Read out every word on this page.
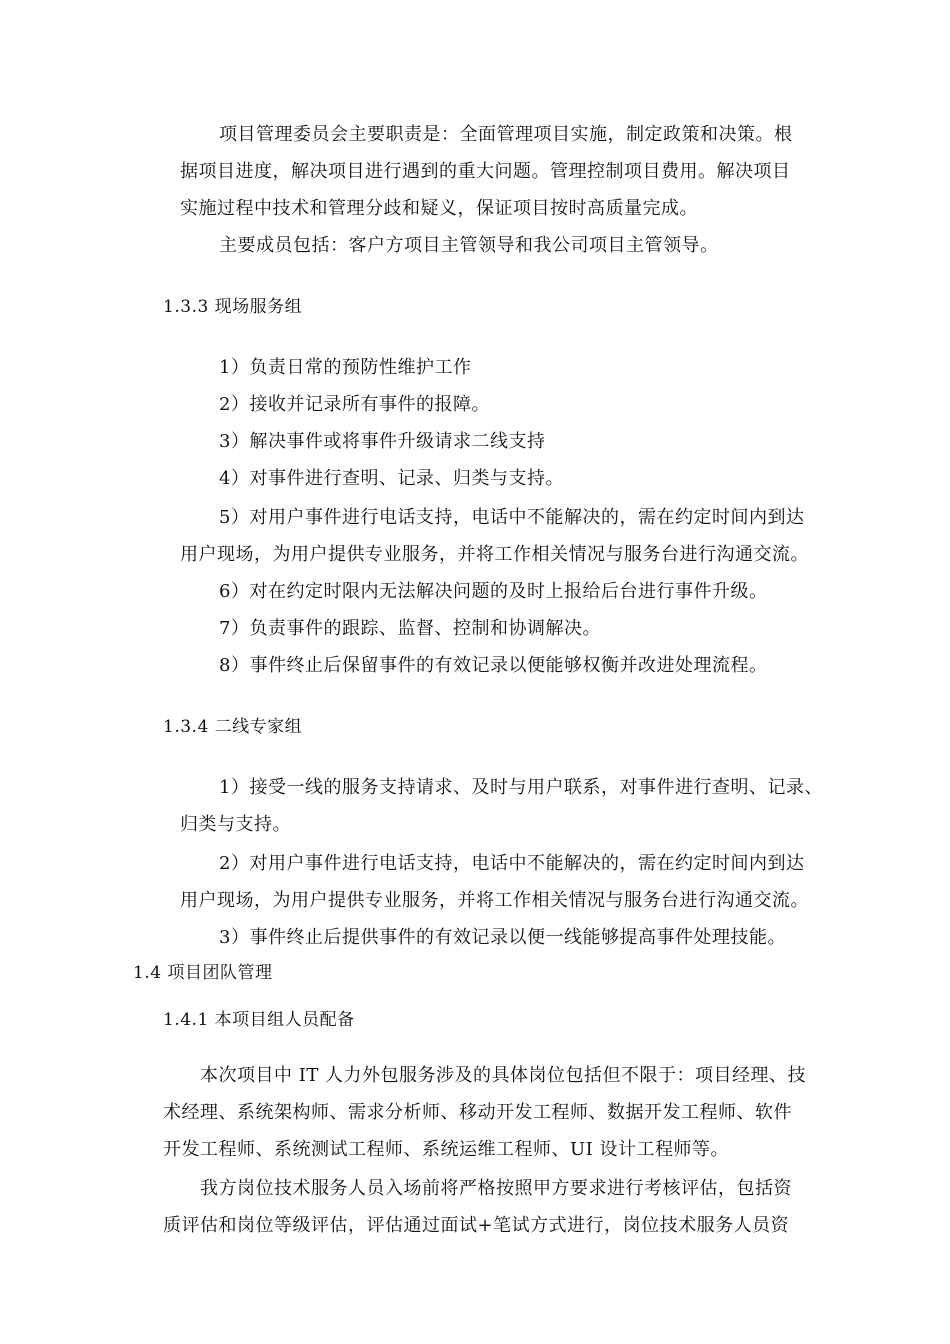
项目管理委员会主要职责是：全面管理项目实施，制定政策和决策。根
据项目进度，解决项目进行遇到的重大问题。管理控制项目费用。解决项目
实施过程中技术和管理分歧和疑义，保证项目按时高质量完成。
主要成员包括：客户方项目主管领导和我公司项目主管领导。
1.3.3 现场服务组
1）负责日常的预防性维护工作
2）接收并记录所有事件的报障。
3）解决事件或将事件升级请求二线支持
4）对事件进行查明、记录、归类与支持。
5）对用户事件进行电话支持，电话中不能解决的，需在约定时间内到达
用户现场，为用户提供专业服务，并将工作相关情况与服务台进行沟通交流。
6）对在约定时限内无法解决问题的及时上报给后台进行事件升级。
7）负责事件的跟踪、监督、控制和协调解决。
8）事件终止后保留事件的有效记录以便能够权衡并改进处理流程。
1.3.4 二线专家组
1）接受一线的服务支持请求、及时与用户联系，对事件进行查明、记录、
归类与支持。
2）对用户事件进行电话支持，电话中不能解决的，需在约定时间内到达
用户现场，为用户提供专业服务，并将工作相关情况与服务台进行沟通交流。
3）事件终止后提供事件的有效记录以便一线能够提高事件处理技能。
1.4 项目团队管理
1.4.1 本项目组人员配备
本次项目中 IT 人力外包服务涉及的具体岗位包括但不限于：项目经理、技
术经理、系统架构师、需求分析师、移动开发工程师、数据开发工程师、软件
开发工程师、系统测试工程师、系统运维工程师、UI 设计工程师等。
我方岗位技术服务人员入场前将严格按照甲方要求进行考核评估，包括资
质评估和岗位等级评估，评估通过面试+笔试方式进行，岗位技术服务人员资
